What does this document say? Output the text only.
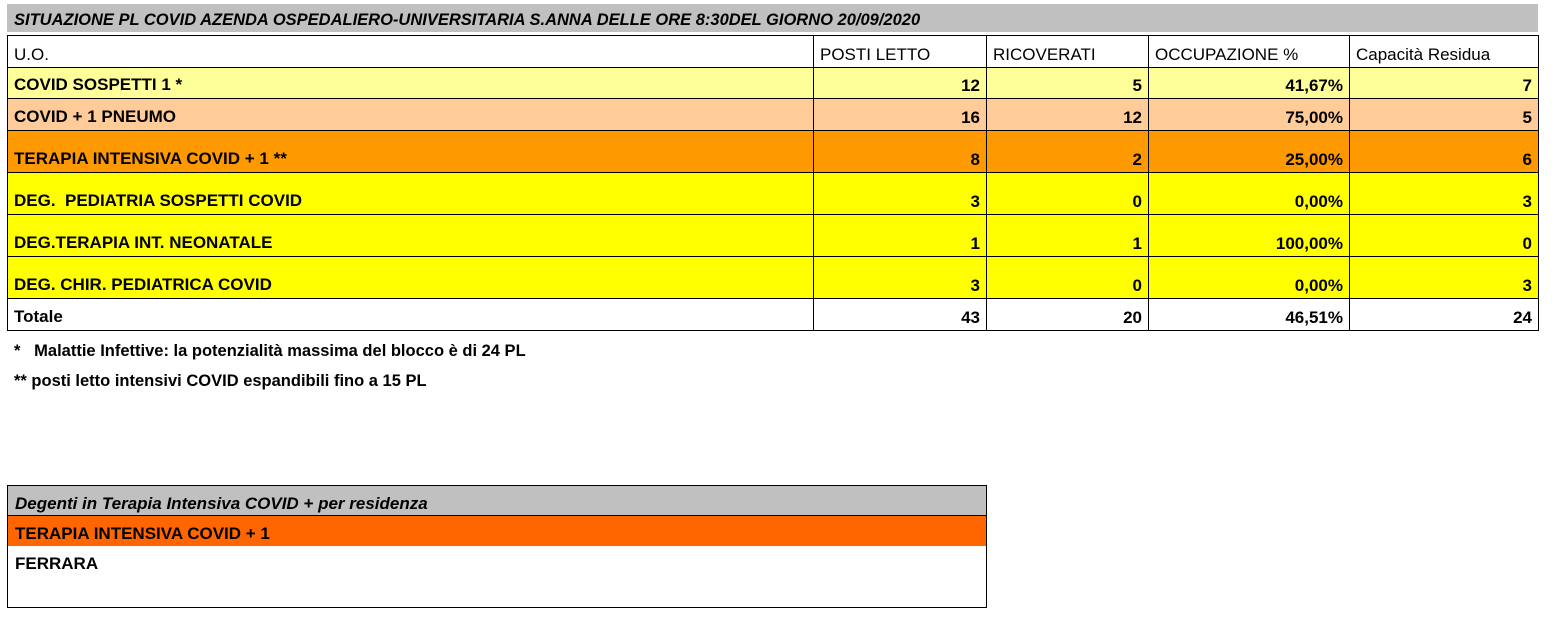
SITUAZIONE PL COVID AZENDA OSPEDALIERO-UNIVERSITARIA S.ANNA DELLE ORE 8:30DEL GIORNO 20/09/2020
U.O.	POSTI LETTO	RICOVERATI	OCCUPAZIONE %	Capacità Residua
COVID SOSPETTI 1 *	12	5	41,67%	7
COVID + 1 PNEUMO	16	12	75,00%	5
TERAPIA INTENSIVA COVID + 1 **	8	2	25,00%	6
DEG.  PEDIATRIA SOSPETTI COVID	3	0	0,00%	3
DEG.TERAPIA INT. NEONATALE	1	1	100,00%	0
DEG. CHIR. PEDIATRICA COVID	3	0	0,00%	3
Totale	43	20	46,51%	24
*   Malattie Infettive: la potenzialità massima del blocco è di 24 PL
** posti letto intensivi COVID espandibili fino a 15 PL
Degenti in Terapia Intensiva COVID + per residenza
TERAPIA INTENSIVA COVID + 1
FERRARA
